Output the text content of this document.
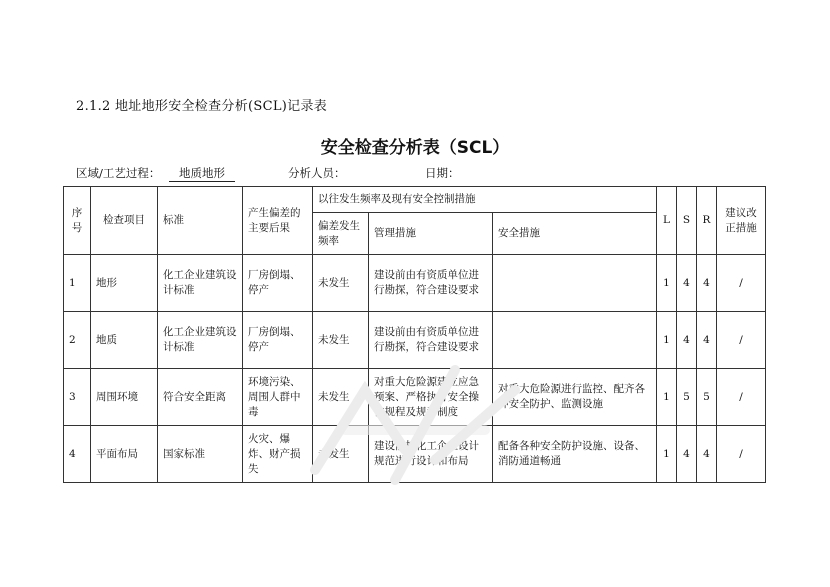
2.1.2 地址地形安全检查分析(SCL)记录表
安全检查分析表（SCL）
区域/工艺过程：	地质地形	分析人员：	日期：
序号	检查项目	标准	产生偏差的主要后果	以往发生频率及现有安全控制措施			L	S	R	建议改正措施
				偏差发生频率	管理措施	安全措施				
1	地形	化工企业建筑设计标准	厂房倒塌、停产	未发生	建设前由有资质单位进行勘探，符合建设要求		1	4	4	/
2	地质	化工企业建筑设计标准	厂房倒塌、停产	未发生	建设前由有资质单位进行勘探，符合建设要求		1	4	4	/
3	周围环境	符合安全距离	环境污染、周围人群中毒	未发生	对重大危险源建立应急预案、严格执行安全操作规程及规章制度	对重大危险源进行监控、配齐各种安全防护、监测设施	1	5	5	/
4	平面布局	国家标准	火灾、爆炸、财产损失	未发生	建设前按化工企业设计规范进行设计和布局	配备各种安全防护设施、设备、消防通道畅通	1	4	4	/
